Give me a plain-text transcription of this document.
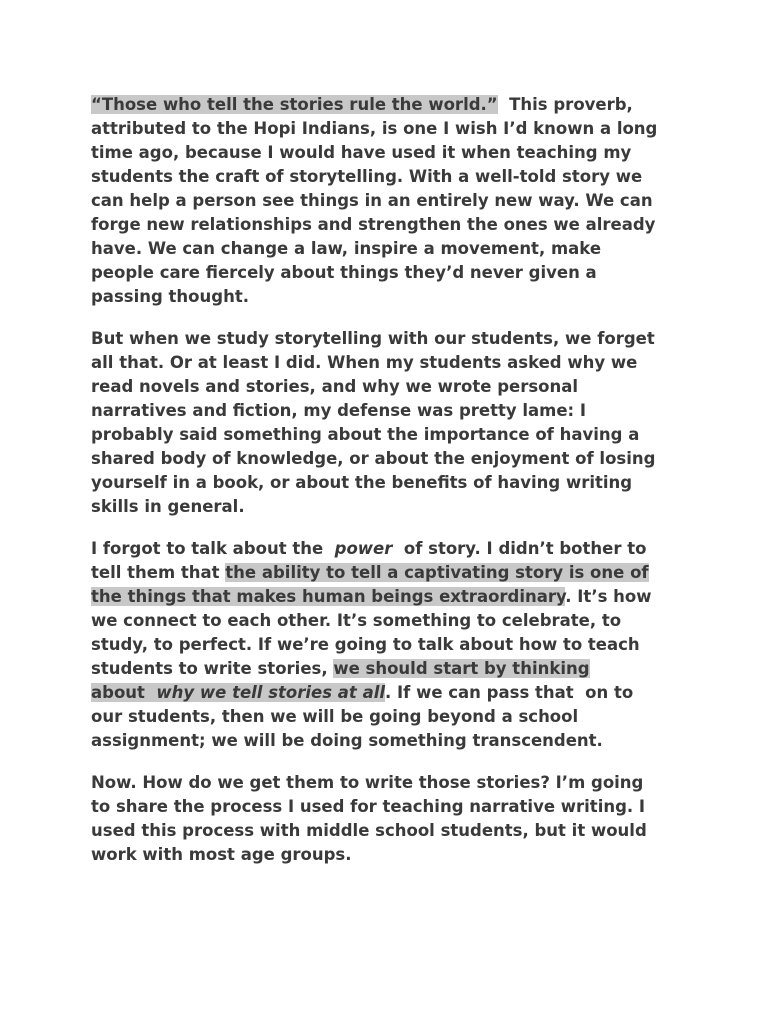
“Those who tell the stories rule the world.”  This proverb,
attributed to the Hopi Indians, is one I wish I’d known a long
time ago, because I would have used it when teaching my
students the craft of storytelling. With a well-told story we
can help a person see things in an entirely new way. We can
forge new relationships and strengthen the ones we already
have. We can change a law, inspire a movement, make
people care fiercely about things they’d never given a
passing thought.

But when we study storytelling with our students, we forget
all that. Or at least I did. When my students asked why we
read novels and stories, and why we wrote personal
narratives and fiction, my defense was pretty lame: I
probably said something about the importance of having a
shared body of knowledge, or about the enjoyment of losing
yourself in a book, or about the benefits of having writing
skills in general.

I forgot to talk about the  power  of story. I didn’t bother to
tell them that the ability to tell a captivating story is one of
the things that makes human beings extraordinary. It’s how
we connect to each other. It’s something to celebrate, to
study, to perfect. If we’re going to talk about how to teach
students to write stories, we should start by thinking
about  why we tell stories at all. If we can pass that  on to
our students, then we will be going beyond a school
assignment; we will be doing something transcendent.

Now. How do we get them to write those stories? I’m going
to share the process I used for teaching narrative writing. I
used this process with middle school students, but it would
work with most age groups.
